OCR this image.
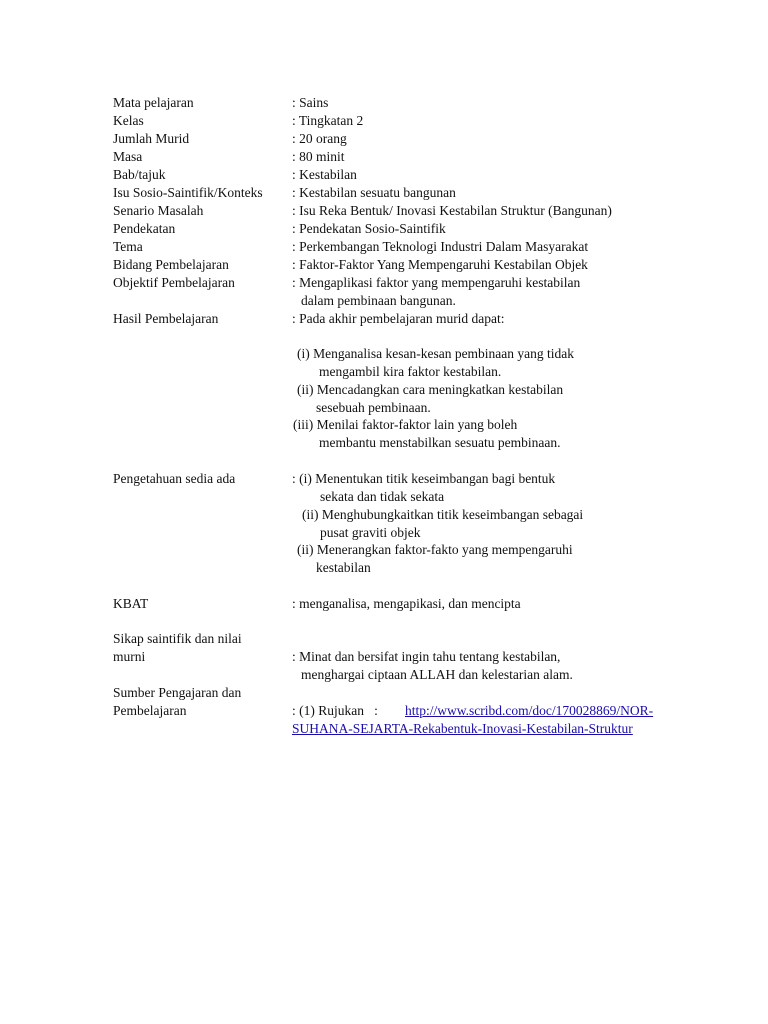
Mata pelajaran	: Sains
Kelas	: Tingkatan 2
Jumlah Murid	: 20 orang
Masa	: 80 minit
Bab/tajuk	: Kestabilan
Isu Sosio-Saintifik/Konteks : Kestabilan sesuatu bangunan
Senario Masalah	: Isu Reka Bentuk/ Inovasi Kestabilan Struktur (Bangunan)
Pendekatan	: Pendekatan Sosio-Saintifik
Tema	: Perkembangan Teknologi Industri Dalam Masyarakat
Bidang Pembelajaran	: Faktor-Faktor Yang Mempengaruhi Kestabilan Objek
Objektif Pembelajaran	: Mengaplikasi faktor yang mempengaruhi kestabilan
dalam pembinaan bangunan.
Hasil Pembelajaran	: Pada akhir pembelajaran murid dapat:
(i) Menganalisa kesan-kesan pembinaan yang tidak
mengambil kira faktor kestabilan.
(ii) Mencadangkan cara meningkatkan kestabilan
sesebuah pembinaan.
(iii) Menilai faktor-faktor lain yang boleh
membantu menstabilkan sesuatu pembinaan.
Pengetahuan sedia ada	: (i) Menentukan titik keseimbangan bagi bentuk
sekata dan tidak sekata
(ii) Menghubungkaitkan titik keseimbangan sebagai
pusat graviti objek
(ii) Menerangkan faktor-fakto yang mempengaruhi
kestabilan
KBAT	: menganalisa, mengapikasi, dan mencipta
Sikap saintifik dan nilai
murni	: Minat dan bersifat ingin tahu tentang kestabilan,
menghargai ciptaan ALLAH dan kelestarian alam.
Sumber Pengajaran dan
Pembelajaran	: (1) Rujukan   : http://www.scribd.com/doc/170028869/NOR-
SUHANA-SEJARTA-Rekabentuk-Inovasi-Kestabilan-Struktur
